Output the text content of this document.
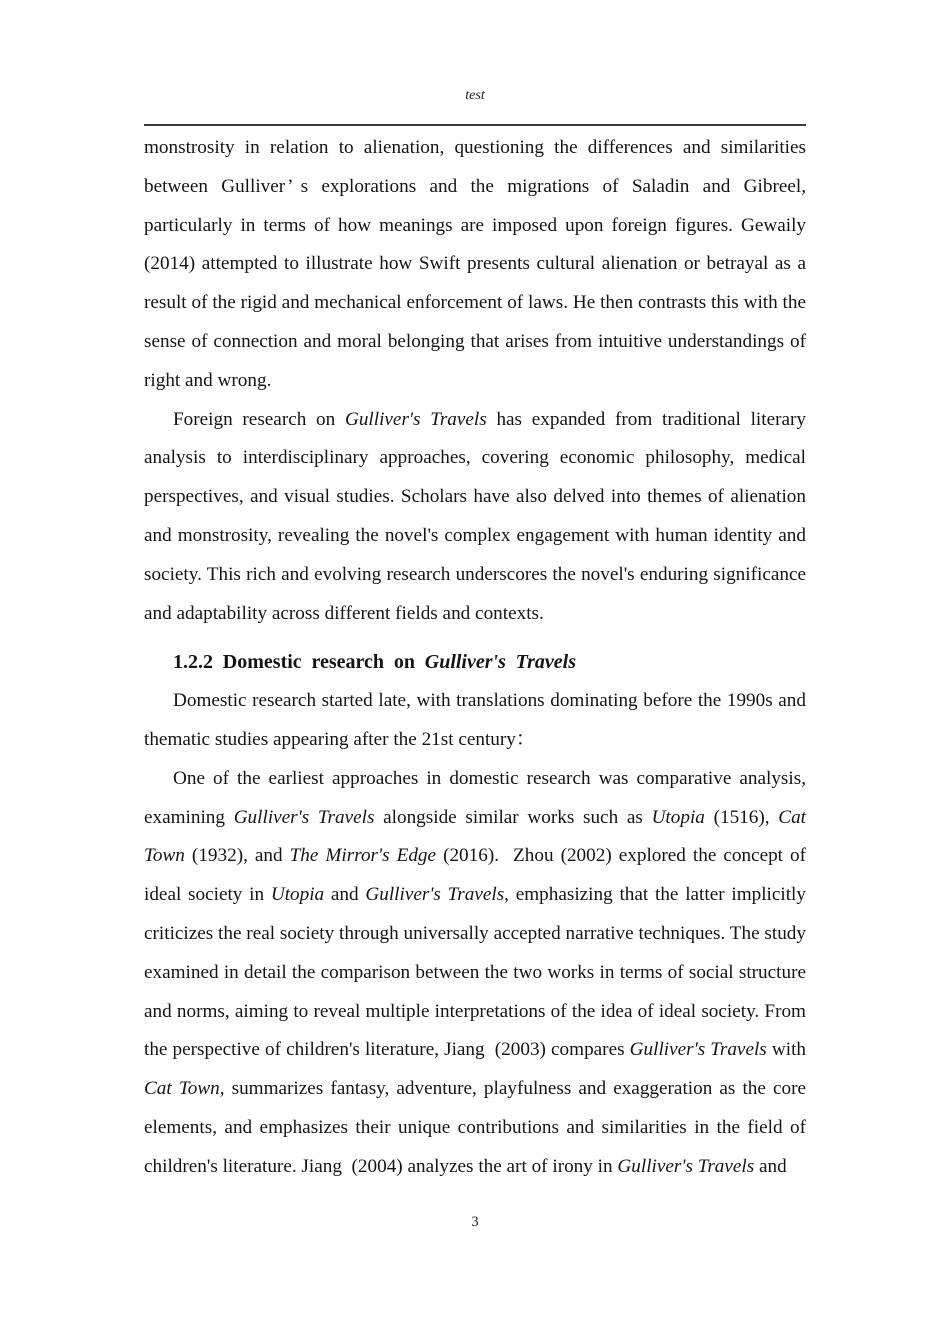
test

monstrosity in relation to alienation, questioning the differences and similarities between Gulliver ’ s explorations and the migrations of Saladin and Gibreel, particularly in terms of how meanings are imposed upon foreign figures. Gewaily (2014) attempted to illustrate how Swift presents cultural alienation or betrayal as a result of the rigid and mechanical enforcement of laws. He then contrasts this with the sense of connection and moral belonging that arises from intuitive understandings of right and wrong.

Foreign research on Gulliver's Travels has expanded from traditional literary analysis to interdisciplinary approaches, covering economic philosophy, medical perspectives, and visual studies. Scholars have also delved into themes of alienation and monstrosity, revealing the novel's complex engagement with human identity and society. This rich and evolving research underscores the novel's enduring significance and adaptability across different fields and contexts.

1.2.2 Domestic research on Gulliver's Travels

Domestic research started late, with translations dominating before the 1990s and thematic studies appearing after the 21st century：

One of the earliest approaches in domestic research was comparative analysis, examining Gulliver's Travels alongside similar works such as Utopia (1516), Cat Town (1932), and The Mirror's Edge (2016).  Zhou (2002) explored the concept of ideal society in Utopia and Gulliver's Travels, emphasizing that the latter implicitly criticizes the real society through universally accepted narrative techniques. The study examined in detail the comparison between the two works in terms of social structure and norms, aiming to reveal multiple interpretations of the idea of ideal society. From the perspective of children's literature, Jiang  (2003) compares Gulliver's Travels with Cat Town, summarizes fantasy, adventure, playfulness and exaggeration as the core elements, and emphasizes their unique contributions and similarities in the field of children's literature. Jiang  (2004) analyzes the art of irony in Gulliver's Travels and

3
